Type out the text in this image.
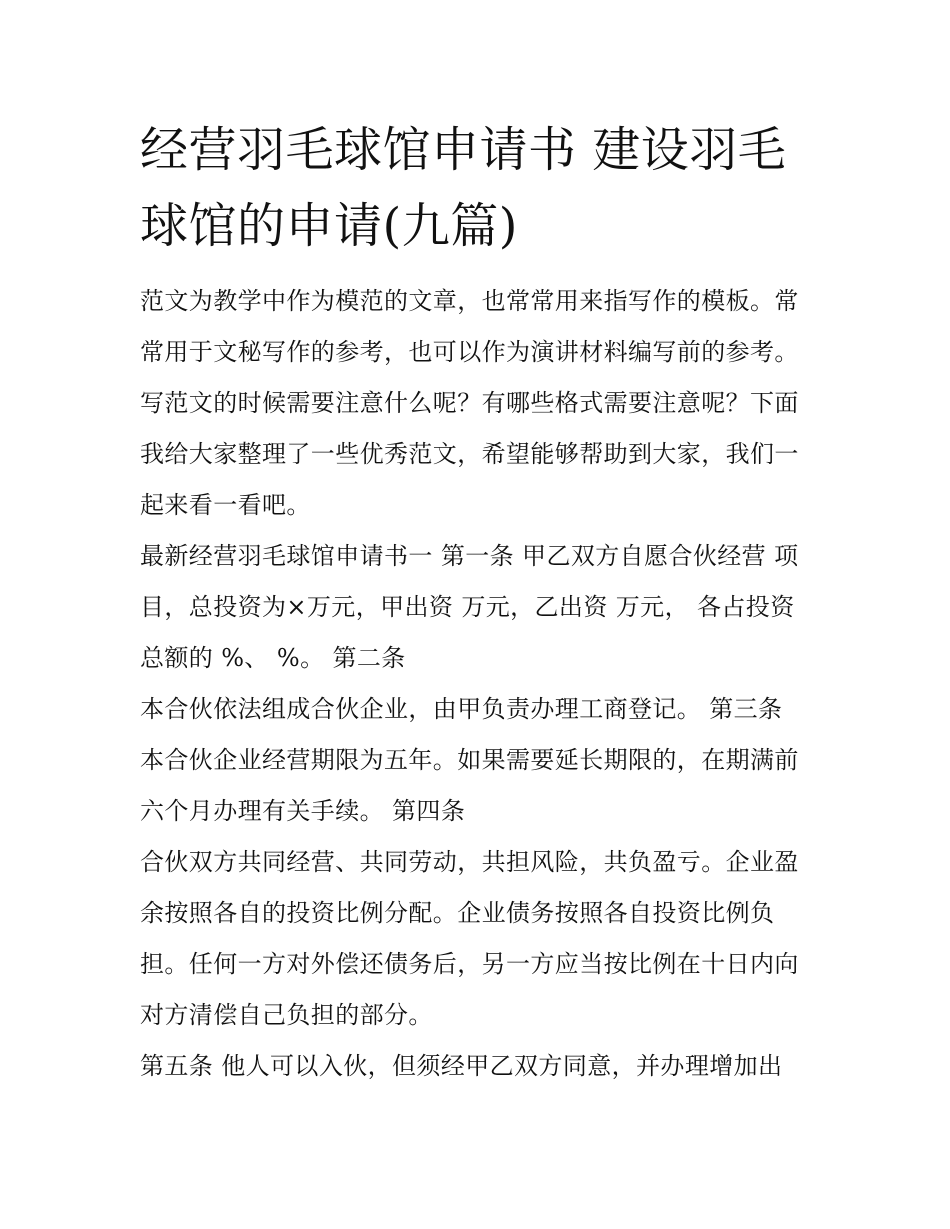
经营羽毛球馆申请书 建设羽毛
球馆的申请(九篇)
范文为教学中作为模范的文章，也常常用来指写作的模板。常
常用于文秘写作的参考，也可以作为演讲材料编写前的参考。
写范文的时候需要注意什么呢？有哪些格式需要注意呢？下面
我给大家整理了一些优秀范文，希望能够帮助到大家，我们一
起来看一看吧。
最新经营羽毛球馆申请书一 第一条 甲乙双方自愿合伙经营 项
目，总投资为×万元，甲出资 万元，乙出资 万元， 各占投资
总额的 %、 %。 第二条
本合伙依法组成合伙企业，由甲负责办理工商登记。 第三条
本合伙企业经营期限为五年。如果需要延长期限的，在期满前
六个月办理有关手续。 第四条
合伙双方共同经营、共同劳动，共担风险，共负盈亏。企业盈
余按照各自的投资比例分配。企业债务按照各自投资比例负
担。任何一方对外偿还债务后，另一方应当按比例在十日内向
对方清偿自己负担的部分。
第五条 他人可以入伙，但须经甲乙双方同意，并办理增加出
